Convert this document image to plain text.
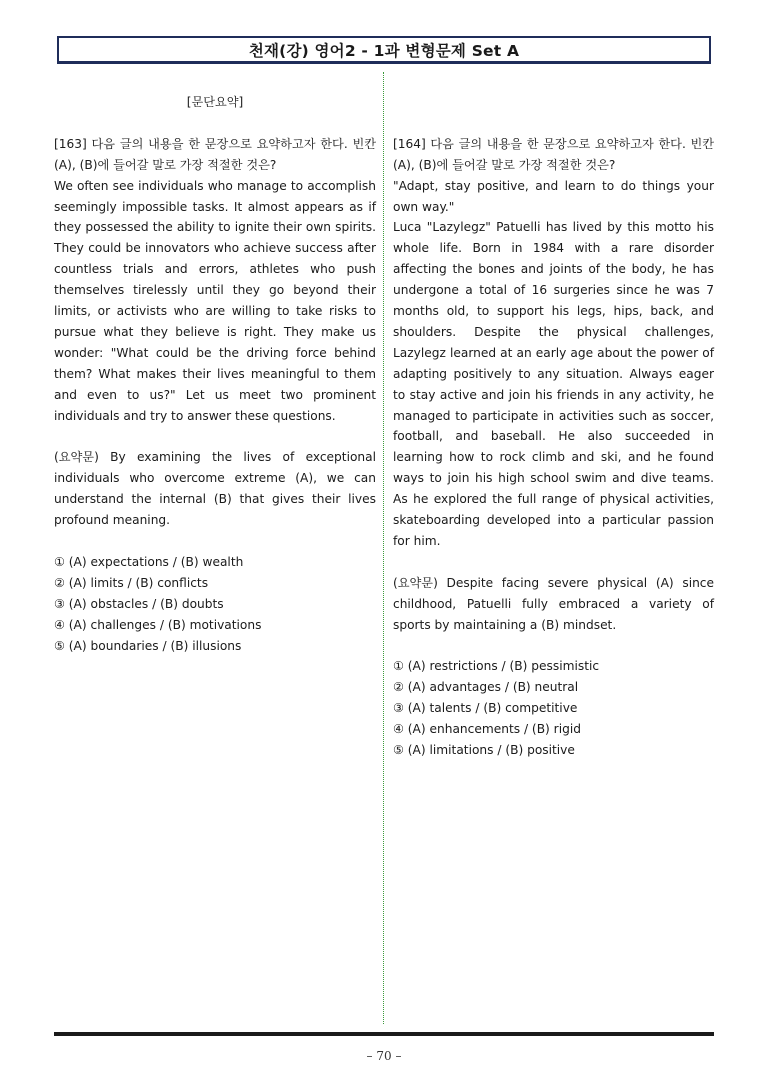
천재(강) 영어2 - 1과 변형문제 Set A

[문단요약]

[163] 다음 글의 내용을 한 문장으로 요약하고자 한다. 빈칸 (A), (B)에 들어갈 말로 가장 적절한 것은?

We often see individuals who manage to accomplish seemingly impossible tasks. It almost appears as if they possessed the ability to ignite their own spirits. They could be innovators who achieve success after countless trials and errors, athletes who push themselves tirelessly until they go beyond their limits, or activists who are willing to take risks to pursue what they believe is right. They make us wonder: "What could be the driving force behind them? What makes their lives meaningful to them and even to us?" Let us meet two prominent individuals and try to answer these questions.

(요약문) By examining the lives of exceptional individuals who overcome extreme (A), we can understand the internal (B) that gives their lives profound meaning.

① (A) expectations / (B) wealth

② (A) limits / (B) conflicts

③ (A) obstacles / (B) doubts

④ (A) challenges / (B) motivations

⑤ (A) boundaries / (B) illusions

[164] 다음 글의 내용을 한 문장으로 요약하고자 한다. 빈칸 (A), (B)에 들어갈 말로 가장 적절한 것은?

"Adapt, stay positive, and learn to do things your own way."

Luca "Lazylegz" Patuelli has lived by this motto his whole life. Born in 1984 with a rare disorder affecting the bones and joints of the body, he has undergone a total of 16 surgeries since he was 7 months old, to support his legs, hips, back, and shoulders. Despite the physical challenges, Lazylegz learned at an early age about the power of adapting positively to any situation. Always eager to stay active and join his friends in any activity, he managed to participate in activities such as soccer, football, and baseball. He also succeeded in learning how to rock climb and ski, and he found ways to join his high school swim and dive teams. As he explored the full range of physical activities, skateboarding developed into a particular passion for him.

(요약문) Despite facing severe physical (A) since childhood, Patuelli fully embraced a variety of sports by maintaining a (B) mindset.

① (A) restrictions / (B) pessimistic

② (A) advantages / (B) neutral

③ (A) talents / (B) competitive

④ (A) enhancements / (B) rigid

⑤ (A) limitations / (B) positive

– 70 –
